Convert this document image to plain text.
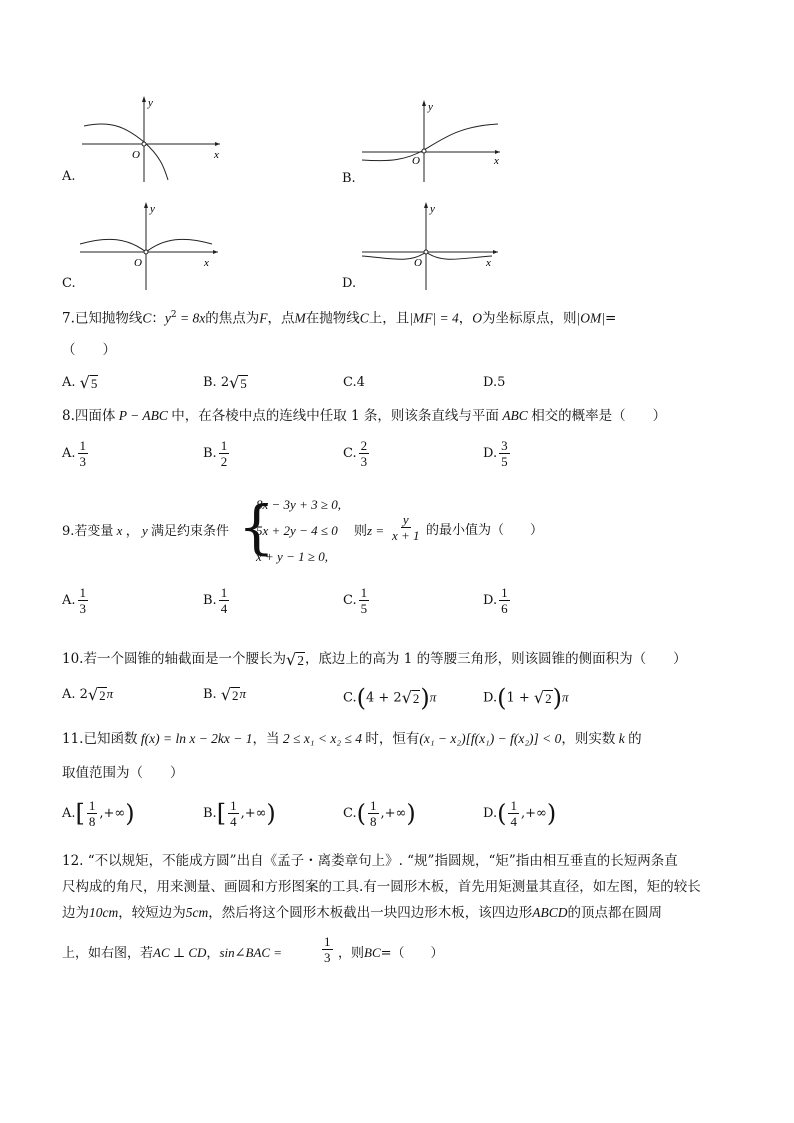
A.
y
x
O
B.
y
x
O
C.
y
x
O
D.
y
x
O
7.已知抛物线C：$y^2 = 8x$的焦点为F，点M在抛物线C上，且|MF| = 4，O为坐标原点，则|OM|=
（　　）
A. √ 5	B. 2 √ 5	C.4	D.5
8.四面体 P − ABC 中，在各棱中点的连线中任取 1 条，则该条直线与平面 ABC 相交的概率是（　　）
A. $\frac{1}{3}$	B. $\frac{1}{2}$	C. $\frac{2}{3}$	D. $\frac{3}{5}$
9.若变量 x ， y 满足约束条件 {
8x − 3y + 3 ≥ 0,
5x + 2y − 4 ≤ 0
x + y − 1 ≥ 0,
则$z = \frac{y}{x + 1}$ 的最小值为（　　）
A. $\frac{1}{3}$	B. $\frac{1}{4}$	C. $\frac{1}{5}$	D. $\frac{1}{6}$
10.若一个圆锥的轴截面是一个腰长为 √ 2 ，底边上的高为 1 的等腰三角形，则该圆锥的侧面积为（　　）
A. 2 √ 2 π	B. √ 2 π	C.(4 + 2 √ 2 )π	D.(1 + √ 2 )π
11.已知函数 f(x) = ln x − 2kx − 1，当 2 ≤ x₁ < x₂ ≤ 4 时，恒有(x₁ − x₂)[f(x₁) − f(x₂)] < 0，则实数 k 的
取值范围为（　　）
$A.[ \frac{1}{8}$ ,+∞)	$B.[ \frac{1}{4}$ ,+∞)	$C.( \frac{1}{8}$ ,+∞)	$D.( \frac{1}{4}$ ,+∞)
12. “不以规矩，不能成方圆”出自《孟子・离娄章句上》. “规”指圆规，“矩”指由相互垂直的长短两条直
尺构成的角尺，用来测量、画圆和方形图案的工具.有一圆形木板，首先用矩测量其直径，如左图，矩的较长
边为10cm，较短边为5cm，然后将这个圆形木板截出一块四边形木板，该四边形ABCD的顶点都在圆周
上，如右图，若AC ⊥ CD，sin∠BAC =	$\frac{1}{3}$ ，则BC=（　　）
